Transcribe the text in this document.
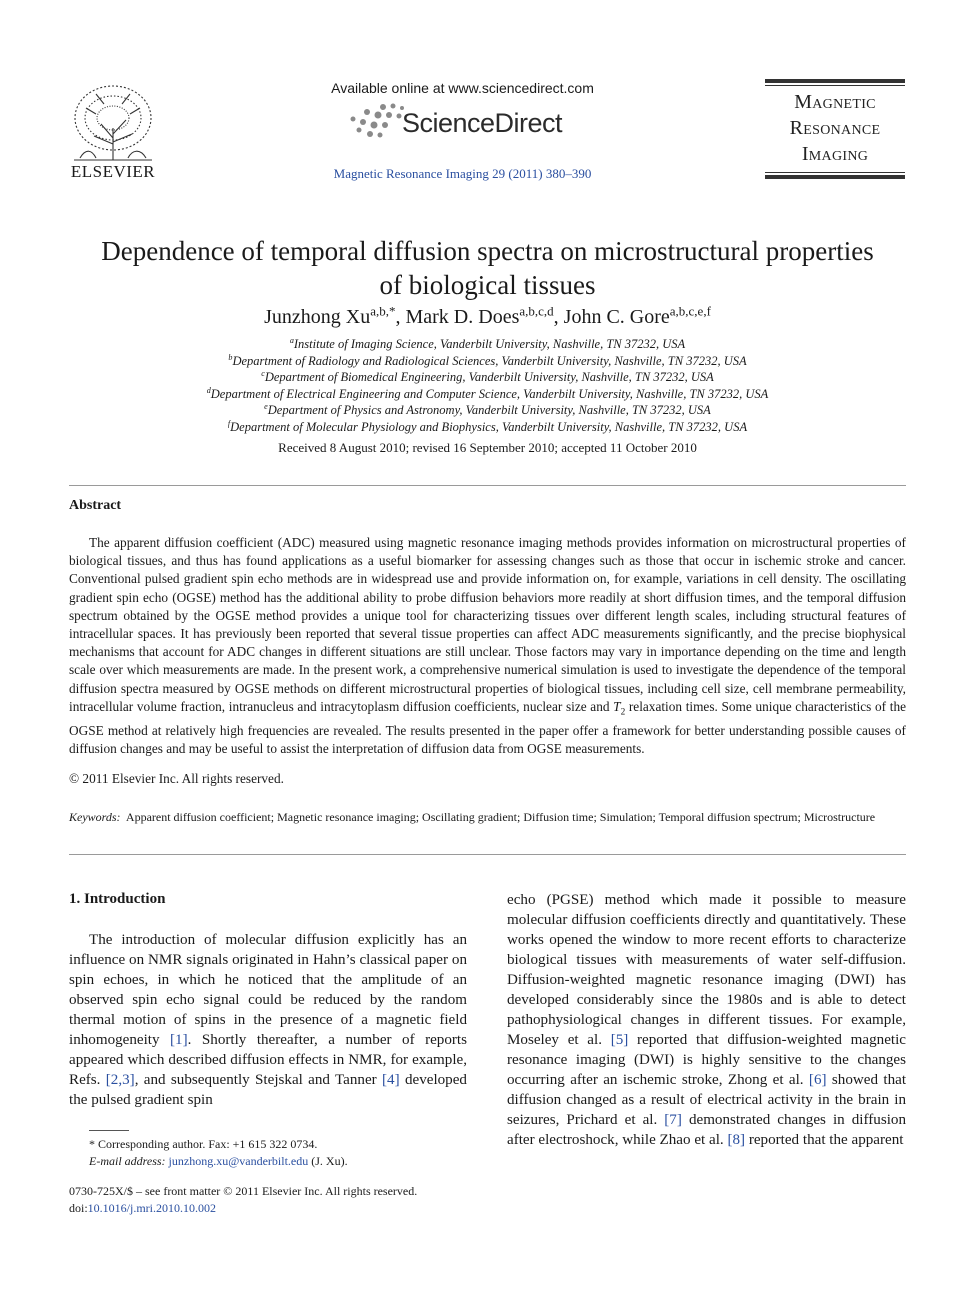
ELSEVIER
Available online at www.sciencedirect.com
ScienceDirect
Magnetic Resonance Imaging 29 (2011) 380–390
Magnetic
Resonance
Imaging
Dependence of temporal diffusion spectra on microstructural properties of biological tissues
Junzhong $Xu^{a,b,*}$, Mark D. Does$^{a,b,c,d}$, John C. Gore$^{a,b,c,e,f}$
$^a$Institute of Imaging Science, Vanderbilt University, Nashville, TN 37232, USA
$^b$Department of Radiology and Radiological Sciences, Vanderbilt University, Nashville, TN 37232, USA
$^c$Department of Biomedical Engineering, Vanderbilt University, Nashville, TN 37232, USA
$^d$Department of Electrical Engineering and Computer Science, Vanderbilt University, Nashville, TN 37232, USA
$^e$Department of Physics and Astronomy, Vanderbilt University, Nashville, TN 37232, USA
$^f$Department of Molecular Physiology and Biophysics, Vanderbilt University, Nashville, TN 37232, USA
Received 8 August 2010; revised 16 September 2010; accepted 11 October 2010
Abstract
The apparent diffusion coefficient (ADC) measured using magnetic resonance imaging methods provides information on microstructural properties of biological tissues, and thus has found applications as a useful biomarker for assessing changes such as those that occur in ischemic stroke and cancer. Conventional pulsed gradient spin echo methods are in widespread use and provide information on, for example, variations in cell density. The oscillating gradient spin echo (OGSE) method has the additional ability to probe diffusion behaviors more readily at short diffusion times, and the temporal diffusion spectrum obtained by the OGSE method provides a unique tool for characterizing tissues over different length scales, including structural features of intracellular spaces. It has previously been reported that several tissue properties can affect ADC measurements significantly, and the precise biophysical mechanisms that account for ADC changes in different situations are still unclear. Those factors may vary in importance depending on the time and length scale over which measurements are made. In the present work, a comprehensive numerical simulation is used to investigate the dependence of the temporal diffusion spectra measured by OGSE methods on different microstructural properties of biological tissues, including cell size, cell membrane permeability, intracellular volume fraction, intranucleus and intracytoplasm diffusion coefficients, nuclear size and $T_2$ relaxation times. Some unique characteristics of the OGSE method at relatively high frequencies are revealed. The results presented in the paper offer a framework for better understanding possible causes of diffusion changes and may be useful to assist the interpretation of diffusion data from OGSE measurements.
© 2011 Elsevier Inc. All rights reserved.
Keywords: Apparent diffusion coefficient; Magnetic resonance imaging; Oscillating gradient; Diffusion time; Simulation; Temporal diffusion spectrum; Microstructure
1. Introduction
The introduction of molecular diffusion explicitly has an influence on NMR signals originated in Hahn’s classical paper on spin echoes, in which he noticed that the amplitude of an observed spin echo signal could be reduced by the random thermal motion of spins in the presence of a magnetic field inhomogeneity [1]. Shortly thereafter, a number of reports appeared which described diffusion effects in NMR, for example, Refs. [2,3], and subsequently Stejskal and Tanner [4] developed the pulsed gradient spin
echo (PGSE) method which made it possible to measure molecular diffusion coefficients directly and quantitatively. These works opened the window to more recent efforts to characterize biological tissues with measurements of water self-diffusion. Diffusion-weighted magnetic resonance imaging (DWI) has developed considerably since the 1980s and is able to detect pathophysiological changes in different tissues. For example, Moseley et al. [5] reported that diffusion-weighted magnetic resonance imaging (DWI) is highly sensitive to the changes occurring after an ischemic stroke, Zhong et al. [6] showed that diffusion changed as a result of electrical activity in the brain in seizures, Prichard et al. [7] demonstrated changes in diffusion after electroshock, while Zhao et al. [8] reported that the apparent
* Corresponding author. Fax: +1 615 322 0734.
E-mail address: junzhong.xu@vanderbilt.edu (J. Xu).
0730-725X/$ – see front matter © 2011 Elsevier Inc. All rights reserved.
doi:10.1016/j.mri.2010.10.002
